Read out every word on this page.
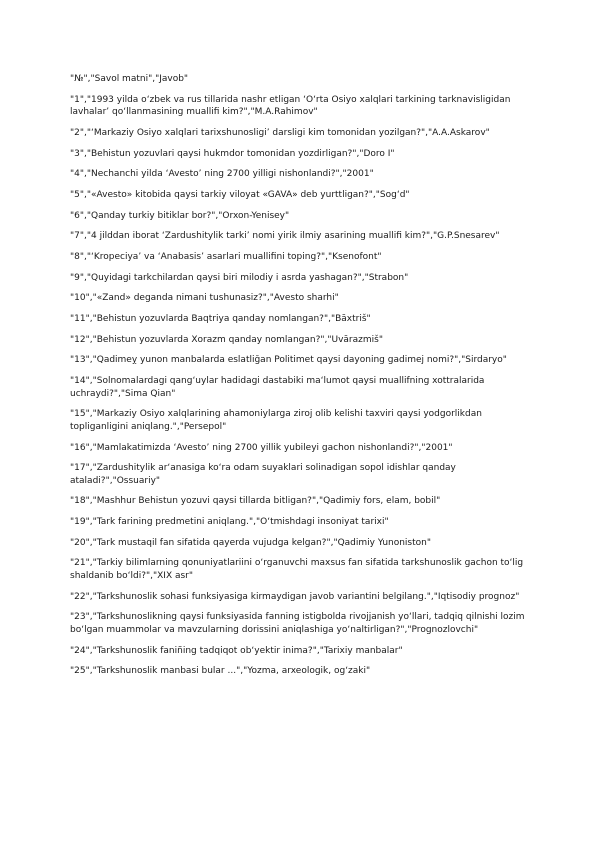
"№","Savol matni","Javob"

"1","1993 yilda o‘zbek va rus tillarida nashr etligan ‘O‘rta Osiyo xalqlari tarkining tarknavisligidan
lavhalar’ qo‘llanmasining muallifi kim?","M.A.Rahimov"

"2","‘Markaziy Osiyo xalqlari tarixshunosligi’ darsligi kim tomonidan yozilgan?","A.A.Askarov"

"3","Behistun yozuvlari qaysi hukmdor tomonidan yozdirligan?","Doro I"

"4","Nechanchi yilda ‘Avesto’ ning 2700 yilligi nishonlandi?","2001"

"5","«Avesto» kitobida qaysi tarkiy viloyat «GAVA» deb yurttligan?","Sog‘d"

"6","Qanday turkiy bitiklar bor?","Orxon-Yenisey"

"7","4 jilddan iborat ‘Zardushitylik tarki’ nomi yirik ilmiy asarining muallifi kim?","G.P.Snesarev"

"8","‘Kropeciya’ va ‘Anabasis’ asarlari muallifini toping?","Ksenofont"

"9","Quyidagi tarkchilardan qaysi biri milodiy i asrda yashagan?","Strabon"

"10","«Zand» deganda nimani tushunasiz?","Avesto sharhi"

"11","Behistun yozuvlarda Baqtriya qanday nomlangan?","Bāxtriš"

"12","Behistun yozuvlarda Xorazm qanday nomlangan?","Uvārazmiš"

"13","Qadimeỵ yunon manbalarda eslatliğan Politimet qaysi dayoning gadimej nomi?","Sirdaryo"

"14","Solnomalardagi qang‘uylar hadidagi dastabiki ma‘lumot qaysi muallifning xottralarida
uchraydi?","Sima Qian"

"15","Markaziy Osiyo xalqlarining ahamoniylarga ziroj olib kelishi taxviri qaysi yodgorlikdan
topliganligini aniqlang.","Persepol"

"16","Mamlakatimizda ‘Avesto’ ning 2700 yillik yubileyi gachon nishonlandi?","2001"

"17","Zardushitylik ar‘anasiga ko‘ra odam suyaklari solinadigan sopol idishlar qanday
ataladi?","Ossuariy"

"18","Mashhur Behistun yozuvi qaysi tillarda bitligan?","Qadimiy fors, elam, bobil"

"19","Tark farining predmetini aniqlang.","O‘tmishdagi insoniyat tarixi"

"20","Tark mustaqil fan sifatida qayerda vujudga kelgan?","Qadimiy Yunoniston"

"21","Tarkiy bilimlarning qonuniyatlariini o‘rganuvchi maxsus fan sifatida tarkshunoslik gachon to‘lig
shaldanib bo‘ldi?","XIX asr"

"22","Tarkshunoslik sohasi funksiyasiga kirmaydigan javob variantini belgilang.","Iqtisodiy prognoz"

"23","Tarkshunoslikning qaysi funksiyasida fanning istigbolda rivojjanish yo‘llari, tadqiq qilnishi lozim
bo‘lgan muammolar va mavzularning dorissini aniqlashiga yo‘naltirligan?","Prognozlovchi"

"24","Tarkshunoslik faniñing tadqiqot ob‘yektir inima?","Tarixiy manbalar"

"25","Tarkshunoslik manbasi bular ...","Yozma, arxeologik, og‘zaki"
